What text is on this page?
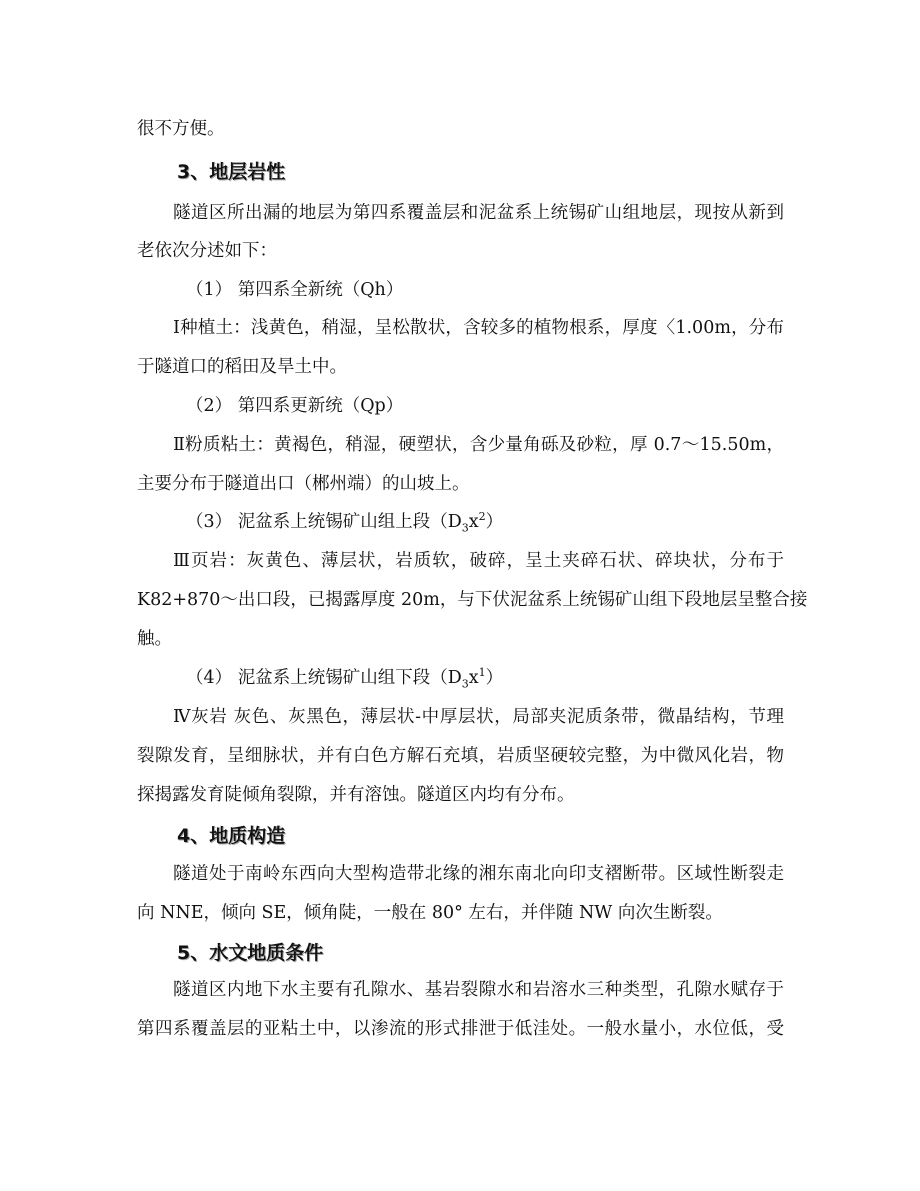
很不方便。
3、地层岩性
隧道区所出漏的地层为第四系覆盖层和泥盆系上统锡矿山组地层，现按从新到
老依次分述如下：
（1） 第四系全新统（Qh）
Ⅰ种植土：浅黄色，稍湿，呈松散状，含较多的植物根系，厚度〈1.00m，分布
于隧道口的稻田及旱土中。
（2） 第四系更新统（Qp）
Ⅱ粉质粘土：黄褐色，稍湿，硬塑状，含少量角砾及砂粒，厚 0.7～15.50m，
主要分布于隧道出口（郴州端）的山坡上。
（3） 泥盆系上统锡矿山组上段$(D_3x^2)$
Ⅲ页岩：灰黄色、薄层状，岩质软，破碎，呈土夹碎石状、碎块状，分布于
K82+870～出口段，已揭露厚度 20m，与下伏泥盆系上统锡矿山组下段地层呈整合接
触。
（4） 泥盆系上统锡矿山组下段$(D_3x^1)$
Ⅳ灰岩 灰色、灰黑色，薄层状-中厚层状，局部夹泥质条带，微晶结构，节理
裂隙发育，呈细脉状，并有白色方解石充填，岩质坚硬较完整，为中微风化岩，物
探揭露发育陡倾角裂隙，并有溶蚀。隧道区内均有分布。
4、地质构造
隧道处于南岭东西向大型构造带北缘的湘东南北向印支褶断带。区域性断裂走
向 NNE，倾向 SE，倾角陡，一般在 80° 左右，并伴随 NW 向次生断裂。
5、水文地质条件
隧道区内地下水主要有孔隙水、基岩裂隙水和岩溶水三种类型，孔隙水赋存于
第四系覆盖层的亚粘土中，以渗流的形式排泄于低洼处。一般水量小，水位低，受
